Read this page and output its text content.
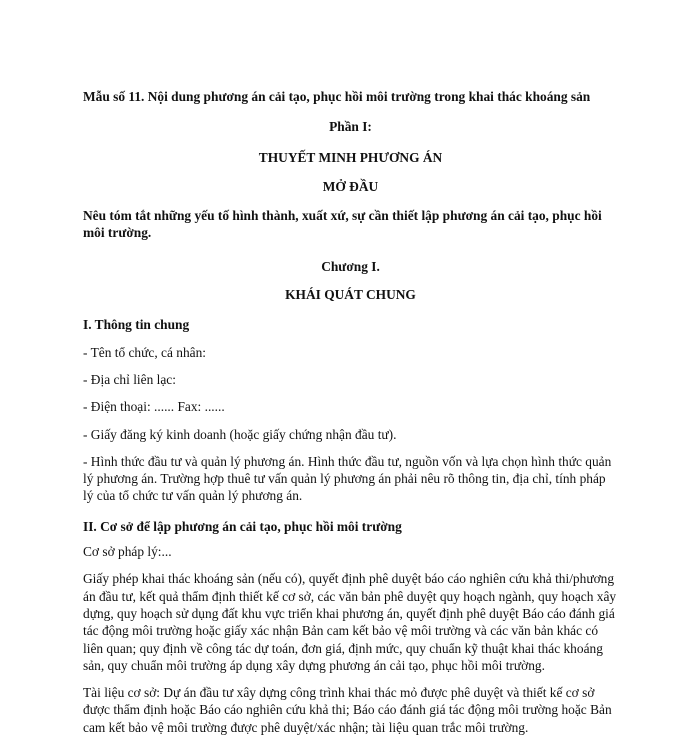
Mẫu số 11. Nội dung phương án cải tạo, phục hồi môi trường trong khai thác khoáng sản

Phần I:

THUYẾT MINH PHƯƠNG ÁN

MỞ ĐẦU

Nêu tóm tắt những yếu tố hình thành, xuất xứ, sự cần thiết lập phương án cải tạo, phục hồi môi trường.

Chương I.

KHÁI QUÁT CHUNG

I. Thông tin chung

- Tên tổ chức, cá nhân:

- Địa chỉ liên lạc:

- Điện thoại: ...... Fax: ......

- Giấy đăng ký kinh doanh (hoặc giấy chứng nhận đầu tư).

- Hình thức đầu tư và quản lý phương án. Hình thức đầu tư, nguồn vốn và lựa chọn hình thức quản lý phương án. Trường hợp thuê tư vấn quản lý phương án phải nêu rõ thông tin, địa chỉ, tính pháp lý của tổ chức tư vấn quản lý phương án.

II. Cơ sở để lập phương án cải tạo, phục hồi môi trường

Cơ sở pháp lý:...

Giấy phép khai thác khoáng sản (nếu có), quyết định phê duyệt báo cáo nghiên cứu khả thi/phương án đầu tư, kết quả thẩm định thiết kế cơ sở, các văn bản phê duyệt quy hoạch ngành, quy hoạch xây dựng, quy hoạch sử dụng đất khu vực triển khai phương án, quyết định phê duyệt Báo cáo đánh giá tác động môi trường hoặc giấy xác nhận Bản cam kết bảo vệ môi trường và các văn bản khác có liên quan; quy định về công tác dự toán, đơn giá, định mức, quy chuẩn kỹ thuật khai thác khoáng sản, quy chuẩn môi trường áp dụng xây dựng phương án cải tạo, phục hồi môi trường.

Tài liệu cơ sở: Dự án đầu tư xây dựng công trình khai thác mỏ được phê duyệt và thiết kế cơ sở được thẩm định hoặc Báo cáo nghiên cứu khả thi; Báo cáo đánh giá tác động môi trường hoặc Bản cam kết bảo vệ môi trường được phê duyệt/xác nhận; tài liệu quan trắc môi trường.
